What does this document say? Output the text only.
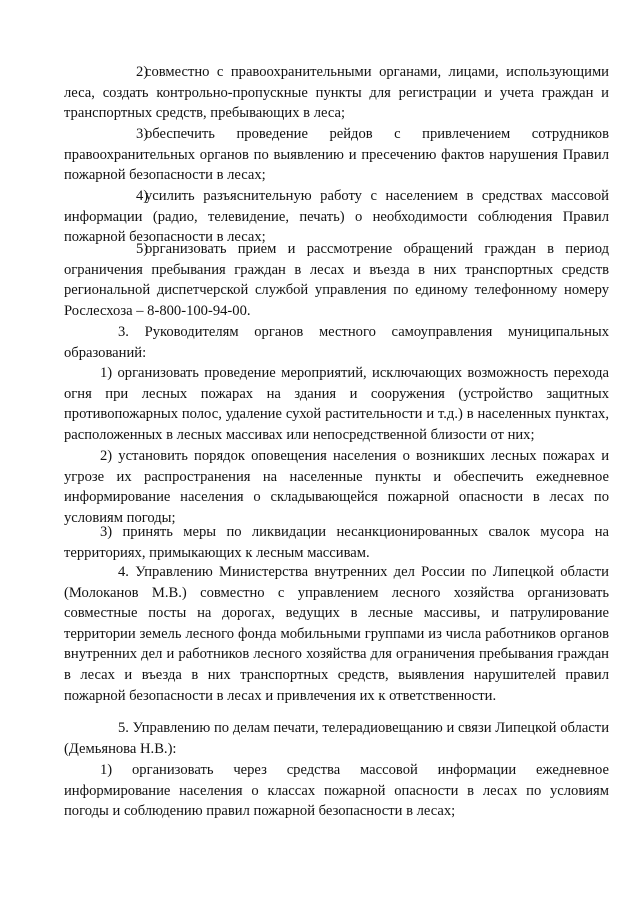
2)совместно с правоохранительными органами, лицами, использующими леса, создать контрольно-пропускные пункты для регистрации и учета граждан и транспортных средств, пребывающих в леса;
3)обеспечить проведение рейдов с привлечением сотрудников правоохранительных органов по выявлению и пресечению фактов нарушения Правил пожарной безопасности в лесах;
4)усилить разъяснительную работу с населением в средствах массовой информации (радио, телевидение, печать) о необходимости соблюдения Правил пожарной безопасности в лесах;
5)организовать прием и рассмотрение обращений граждан в период ограничения пребывания граждан в лесах и въезда в них транспортных средств региональной диспетчерской службой управления по единому телефонному номеру Рослесхоза – 8-800-100-94-00.
3. Руководителям органов местного самоуправления муниципальных образований:
1) организовать проведение мероприятий, исключающих возможность перехода огня при лесных пожарах на здания и сооружения (устройство защитных противопожарных полос, удаление сухой растительности и т.д.) в населенных пунктах, расположенных в лесных массивах или непосредственной близости от них;
2) установить порядок оповещения населения о возникших лесных пожарах и угрозе их распространения на населенные пункты и обеспечить ежедневное информирование населения о складывающейся пожарной опасности в лесах по условиям погоды;
3) принять меры по ликвидации несанкционированных свалок мусора на территориях, примыкающих к лесным массивам.
4. Управлению Министерства внутренних дел России по Липецкой области (Молоканов М.В.) совместно с управлением лесного хозяйства организовать совместные посты на дорогах, ведущих в лесные массивы, и патрулирование территории земель лесного фонда мобильными группами из числа работников органов внутренних дел и работников лесного хозяйства для ограничения пребывания граждан в лесах и въезда в них транспортных средств, выявления нарушителей правил пожарной безопасности в лесах и привлечения их к ответственности.
5. Управлению по делам печати, телерадиовещанию и связи Липецкой области (Демьянова Н.В.):
1) организовать через средства массовой информации ежедневное информирование населения о классах пожарной опасности в лесах по условиям погоды и соблюдению правил пожарной безопасности в лесах;
